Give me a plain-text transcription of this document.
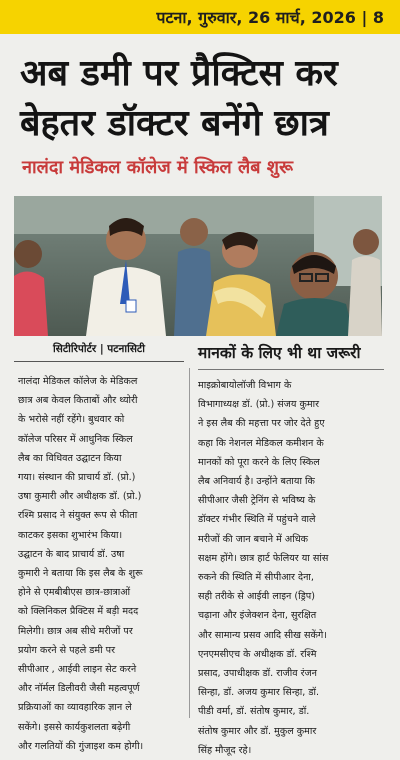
पटना, गुरुवार, 26 मार्च, 2026 | 8
अब डमी पर प्रैक्टिस कर
बेहतर डॉक्टर बनेंगे छात्र
नालंदा मेडिकल कॉलेज में स्किल लैब शुरू
सिटीरिपोर्टर | पटनासिटी	मानकों के लिए भी था जरूरी
नालंदा मेडिकल कॉलेज के मेडिकल
छात्र अब केवल किताबों और थ्योरी
के भरोसे नहीं रहेंगे। बुधवार को
कॉलेज परिसर में आधुनिक स्किल
लैब का विधिवत उद्घाटन किया
गया। संस्थान की प्राचार्य डॉ. (प्रो.)
उषा कुमारी और अधीक्षक डॉ. (प्रो.)
रश्मि प्रसाद ने संयुक्त रूप से फीता
काटकर इसका शुभारंभ किया।
उद्घाटन के बाद प्राचार्य डॉ. उषा
कुमारी ने बताया कि इस लैब के शुरू
होने से एमबीबीएस छात्र-छात्राओं
को क्लिनिकल प्रैक्टिस में बड़ी मदद
मिलेगी। छात्र अब सीधे मरीजों पर
प्रयोग करने से पहले डमी पर
सीपीआर , आईवी लाइन सेट करने
और नॉर्मल डिलीवरी जैसी महत्वपूर्ण
प्रक्रियाओं का व्यावहारिक ज्ञान ले
सकेंगे। इससे कार्यकुशलता बढ़ेगी
और गलतियों की गुंजाइश कम होगी।
माइक्रोबायोलॉजी विभाग के
विभागाध्यक्ष डॉ. (प्रो.) संजय कुमार
ने इस लैब की महत्ता पर जोर देते हुए
कहा कि नेशनल मेडिकल कमीशन के
मानकों को पूरा करने के लिए स्किल
लैब अनिवार्य है। उन्होंने बताया कि
सीपीआर जैसी ट्रेनिंग से भविष्य के
डॉक्टर गंभीर स्थिति में पहुंचने वाले
मरीजों की जान बचाने में अधिक
सक्षम होंगे। छात्र हार्ट फेलियर या सांस
रुकने की स्थिति में सीपीआर देना,
सही तरीके से आईवी लाइन (ड्रिप)
चढ़ाना और इंजेक्शन देना, सुरक्षित
और सामान्य प्रसव आदि सीख सकेंगे।
एनएमसीएच के अधीक्षक डॉ. रश्मि
प्रसाद, उपाधीक्षक डॉ. राजीव रंजन
सिन्हा, डॉ. अजय कुमार सिन्हा, डॉ.
पीडी वर्मा, डॉ. संतोष कुमार, डॉ.
संतोष कुमार और डॉ. मुकुल कुमार
सिंह मौजूद रहे।
